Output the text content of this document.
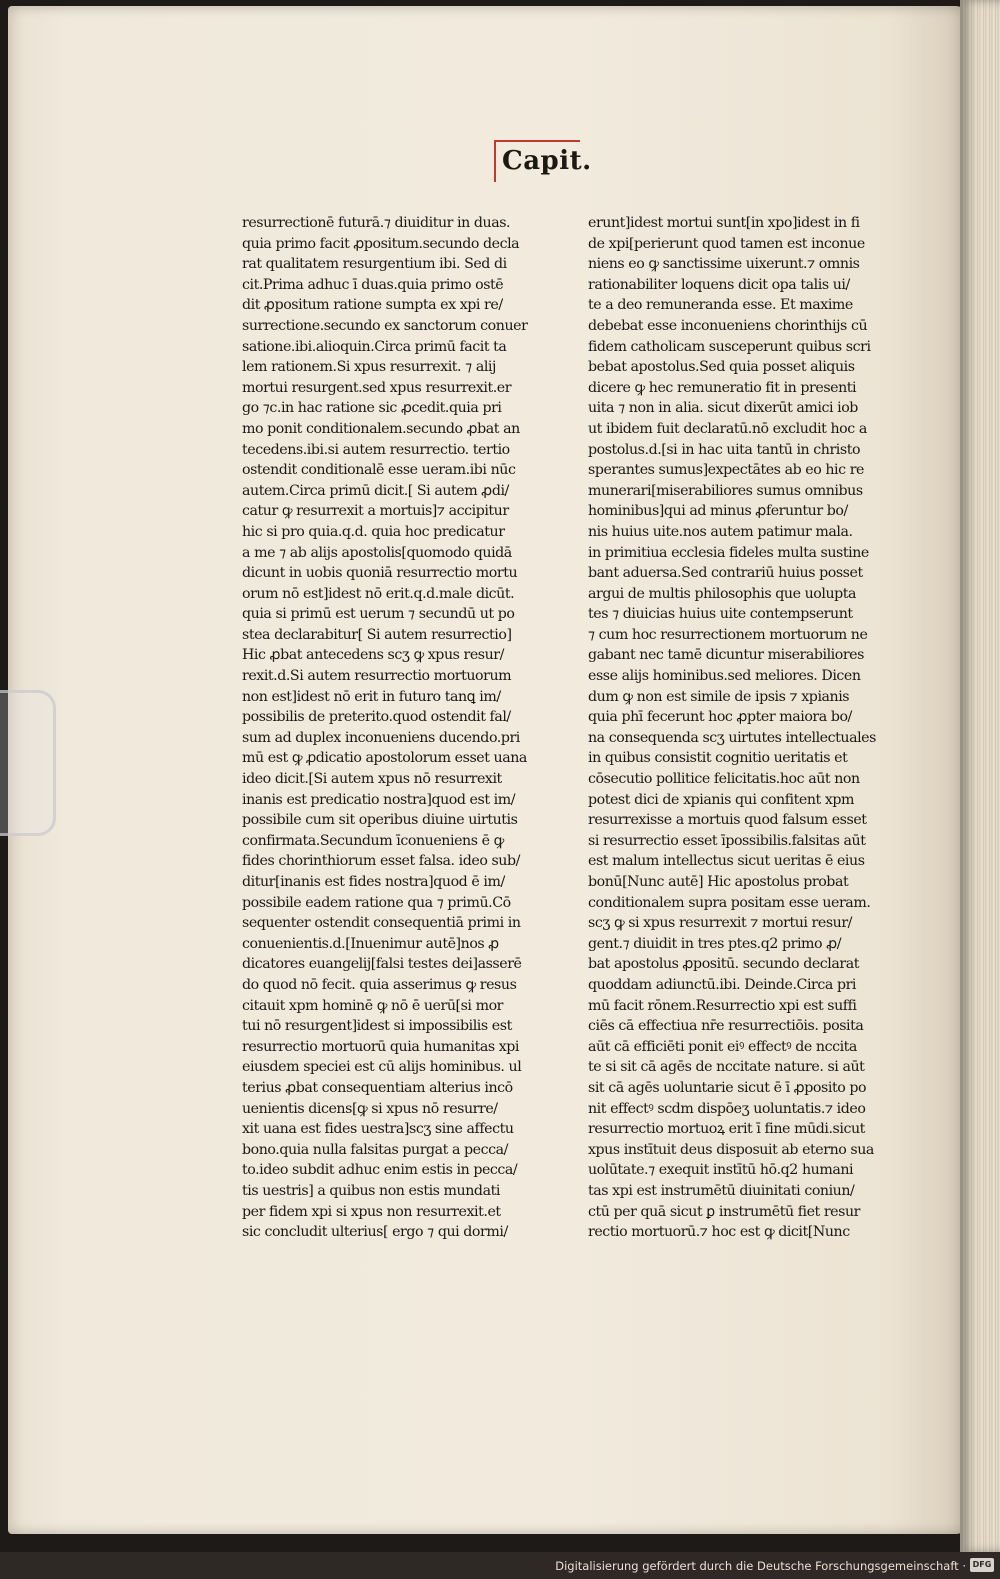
Capit.
resurrectionē futurā.⁊ diuiditur in duas.
quia primo facit ꝓpositum.secundo decla
rat qualitatem resurgentium ibi. Sed di
cit.Prima adhuc ī duas.quia primo ostē
dit ꝓpositum ratione sumpta ex xpi re/
surrectione.secundo ex sanctorum conuer
satione.ibi.alioquin.Circa primū facit ta
lem rationem.Si xpus resurrexit. ⁊ alij
mortui resurgent.sed xpus resurrexit.er
go ⁊c.in hac ratione sic ꝓcedit.quia pri
mo ponit conditionalem.secundo ꝓbat an
tecedens.ibi.si autem resurrectio. tertio
ostendit conditionalē esse ueram.ibi nūc
autem.Circa primū dicit.[ Si autem ꝓdi/
catur ꝙ resurrexit a mortuis]⁊ accipitur
hic si pro quia.q.d. quia hoc predicatur
a me ⁊ ab alijs apostolis[quomodo quidā
dicunt in uobis quoniā resurrectio mortu
orum nō est]idest nō erit.q.d.male dicūt.
quia si primū est uerum ⁊ secundū ut po
stea declarabitur[ Si autem resurrectio]
Hic ꝓbat antecedens scʒ ꝙ xpus resur/
rexit.d.Si autem resurrectio mortuorum
non est]idest nō erit in futuro tanꝗ im/
possibilis de preterito.quod ostendit fal/
sum ad duplex inconueniens ducendo.pri
mū est ꝙ ꝓdicatio apostolorum esset uana
ideo dicit.[Si autem xpus nō resurrexit
inanis est predicatio nostra]quod est im/
possibile cum sit operibus diuine uirtutis
confirmata.Secundum īconueniens ē ꝙ
fides chorinthiorum esset falsa. ideo sub/
ditur[inanis est fides nostra]quod ē im/
possibile eadem ratione qua ⁊ primū.Cō
sequenter ostendit consequentiā primi in
conuenientis.d.[Inuenimur autē]nos ꝓ
dicatores euangelij[falsi testes dei]asserē
do quod nō fecit. quia asserimus ꝙ resus
citauit xpm hominē ꝙ nō ē uerū[si mor
tui nō resurgent]idest si impossibilis est
resurrectio mortuorū quia humanitas xpi
eiusdem speciei est cū alijs hominibus. ul
terius ꝓbat consequentiam alterius incō
uenientis dicens[ꝙ si xpus nō resurre/
xit uana est fides uestra]scʒ sine affectu
bono.quia nulla falsitas purgat a pecca/
to.ideo subdit adhuc enim estis in pecca/
tis uestris] a quibus non estis mundati
per fidem xpi si xpus non resurrexit.et
sic concludit ulterius[ ergo ⁊ qui dormi/
erunt]idest mortui sunt[in xpo]idest in fi
de xpi[perierunt quod tamen est inconue
niens eo ꝙ sanctissime uixerunt.⁊ omnis
rationabiliter loquens dicit opa talis ui/
te a deo remuneranda esse. Et maxime
debebat esse inconueniens chorinthijs cū
fidem catholicam susceperunt quibus scri
bebat apostolus.Sed quia posset aliquis
dicere ꝙ hec remuneratio fit in presenti
uita ⁊ non in alia. sicut dixerūt amici iob
ut ibidem fuit declaratū.nō excludit hoc a
postolus.d.[si in hac uita tantū in christo
sperantes sumus]expectātes ab eo hic re
munerari[miserabiliores sumus omnibus
hominibus]qui ad minus ꝓferuntur bo/
nis huius uite.nos autem patimur mala.
in primitiua ecclesia fideles multa sustine
bant aduersa.Sed contrariū huius posset
argui de multis philosophis que uolupta
tes ⁊ diuicias huius uite contempserunt
⁊ cum hoc resurrectionem mortuorum ne
gabant nec tamē dicuntur miserabiliores
esse alijs hominibus.sed meliores. Dicen
dum ꝙ non est simile de ipsis ⁊ xpianis
quia phī fecerunt hoc ꝓpter maiora bo/
na consequenda scʒ uirtutes intellectuales
in quibus consistit cognitio ueritatis et
cōsecutio pollitice felicitatis.hoc aūt non
potest dici de xpianis qui confitent xpm
resurrexisse a mortuis quod falsum esset
si resurrectio esset īpossibilis.falsitas aūt
est malum intellectus sicut ueritas ē eius
bonū[Nunc autē] Hic apostolus probat
conditionalem supra positam esse ueram.
scʒ ꝙ si xpus resurrexit ⁊ mortui resur/
gent.⁊ diuidit in tres ptes.q2 primo ꝓ/
bat apostolus ꝓpositū. secundo declarat
quoddam adiunctū.ibi. Deinde.Circa pri
mū facit rōnem.Resurrectio xpi est suffi
ciēs cā effectiua nr̄e resurrectiōis. posita
aūt cā efficiēti ponit eiꝰ effectꝰ de nccita
te si sit cā agēs de nccitate nature. si aūt
sit cā agēs uoluntarie sicut ē ī ꝓposito po
nit effectꝰ scdm dispōeʒ uoluntatis.⁊ ideo
resurrectio mortuoꝝ erit ī fine mūdi.sicut
xpus instītuit deus disposuit ab eterno sua
uolūtate.⁊ exequit instītū hō.q2 humani
tas xpi est instrumētū diuinitati coniun/
ctū per quā sicut ꝑ instrumētū fiet resur
rectio mortuorū.⁊ hoc est ꝙ dicit[Nunc
Digitalisierung gefördert durch die Deutsche Forschungsgemeinschaft · DFG
